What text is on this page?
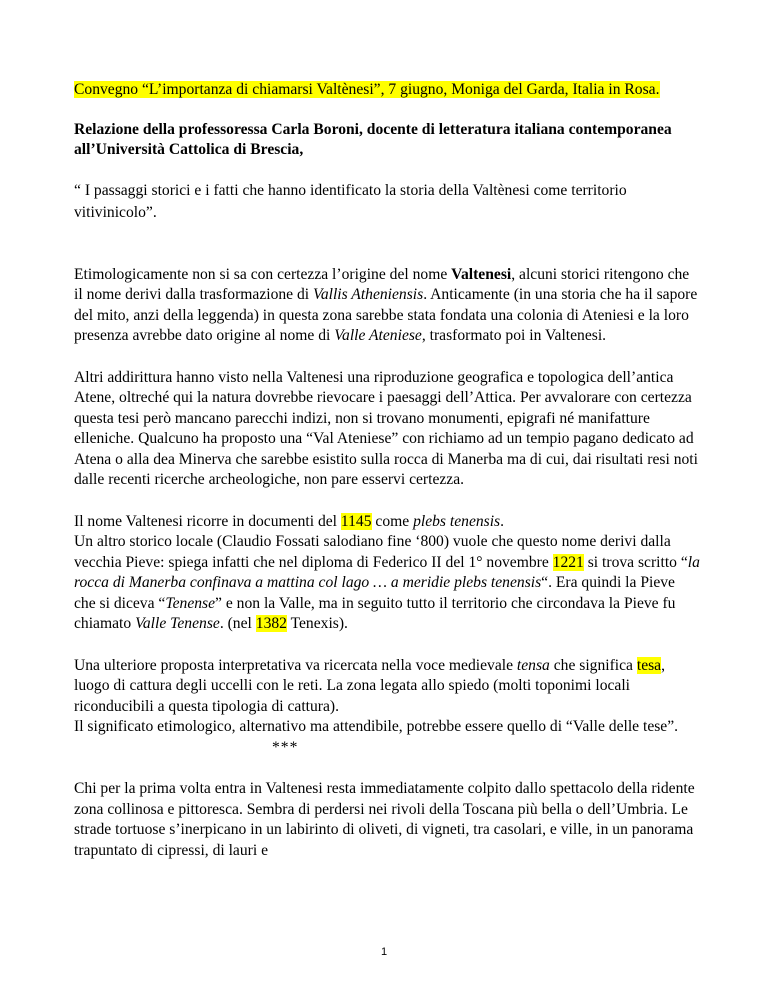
Convegno “L’importanza di chiamarsi Valtènesi”, 7 giugno, Moniga del Garda, Italia in Rosa.

Relazione della professoressa Carla Boroni, docente di letteratura italiana contemporanea all’Università Cattolica di Brescia,

“ I passaggi storici e i fatti che hanno identificato la storia della Valtènesi come territorio vitivinicolo”.

Etimologicamente non si sa con certezza l’origine del nome Valtenesi, alcuni storici ritengono che il nome derivi dalla trasformazione di Vallis Atheniensis. Anticamente (in una storia che ha il sapore del mito, anzi della leggenda) in questa zona sarebbe stata fondata una colonia di Ateniesi e la loro presenza avrebbe dato origine al nome di Valle Ateniese, trasformato poi in Valtenesi.

Altri addirittura hanno visto nella Valtenesi una riproduzione geografica e topologica dell’antica Atene, oltreché qui la natura dovrebbe rievocare i paesaggi dell’Attica. Per avvalorare con certezza questa tesi però mancano parecchi indizi, non si trovano monumenti, epigrafi né manifatture elleniche. Qualcuno ha proposto una “Val Ateniese” con richiamo ad un tempio pagano dedicato ad Atena o alla dea Minerva che sarebbe esistito sulla rocca di Manerba ma di cui, dai risultati resi noti dalle recenti ricerche archeologiche, non pare esservi certezza.

Il nome Valtenesi ricorre in documenti del 1145 come plebs tenensis.
Un altro storico locale (Claudio Fossati salodiano fine ‘800) vuole che questo nome derivi dalla vecchia Pieve: spiega infatti che nel diploma di Federico II del 1° novembre 1221 si trova scritto “la rocca di Manerba confinava a mattina col lago … a meridie plebs tenensis“. Era quindi la Pieve che si diceva “Tenense” e non la Valle, ma in seguito tutto il territorio che circondava la Pieve fu chiamato Valle Tenense. (nel 1382 Tenexis).

Una ulteriore proposta interpretativa va ricercata nella voce medievale tensa che significa tesa, luogo di cattura degli uccelli con le reti. La zona legata allo spiedo (molti toponimi locali riconducibili a questa tipologia di cattura).
Il significato etimologico, alternativo ma attendibile, potrebbe essere quello di “Valle delle tese”.

***

Chi per la prima volta entra in Valtenesi resta immediatamente colpito dallo spettacolo della ridente zona collinosa e pittoresca. Sembra di perdersi nei rivoli della Toscana più bella o dell’Umbria. Le strade tortuose s’inerpicano in un labirinto di oliveti, di vigneti, tra casolari, e ville, in un panorama trapuntato di cipressi, di lauri e

1
